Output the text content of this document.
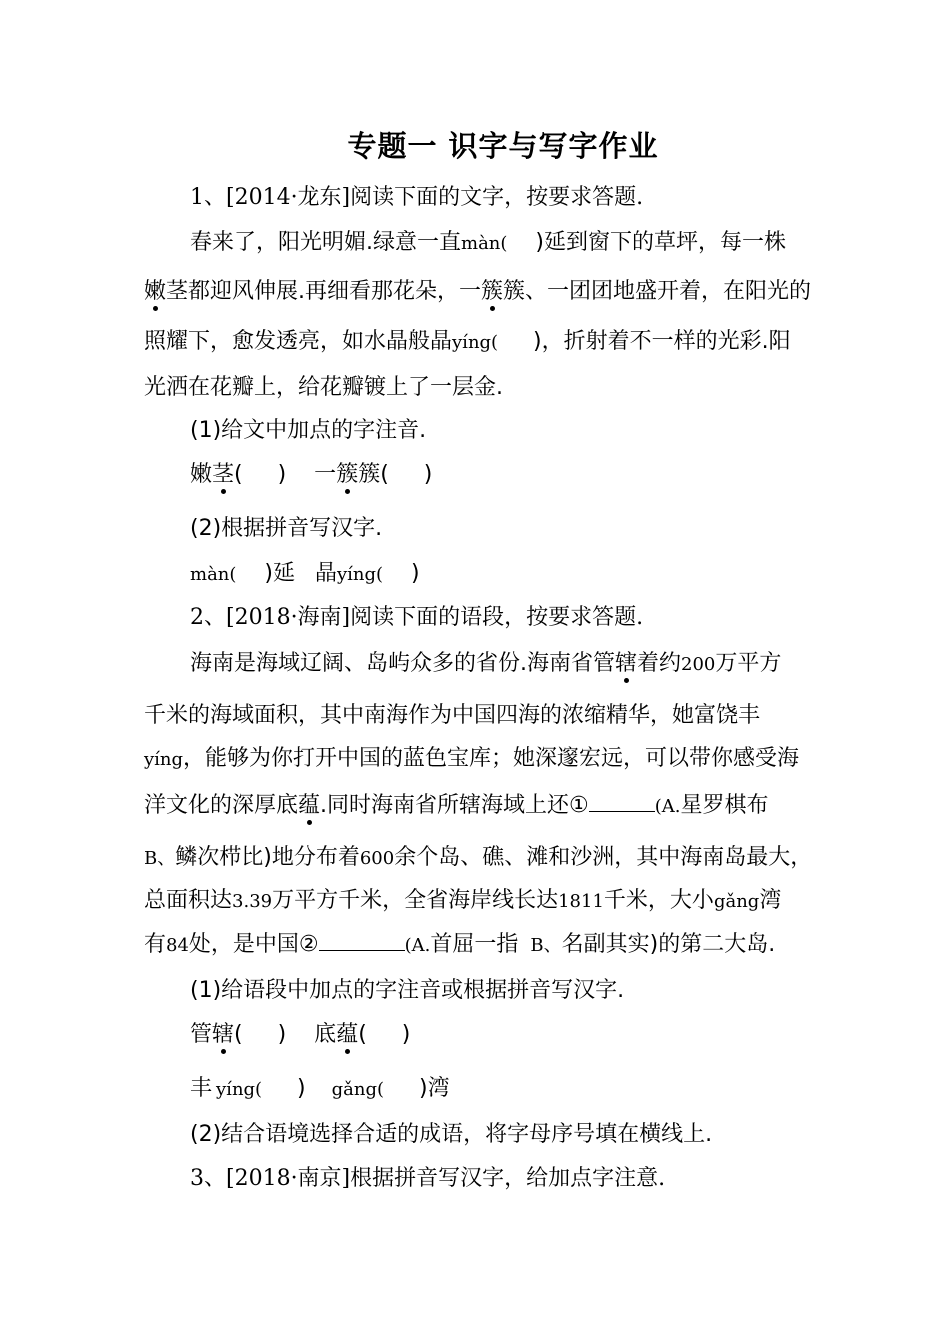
专题一 识字与写字作业

1、[2014·龙东]阅读下面的文字，按要求答题.

春来了，阳光明媚.绿意一直màn(    )延到窗下的草坪，每一株

嫩茎都迎风伸展.再细看那花朵，一簇簇、一团团地盛开着，在阳光的

照耀下，愈发透亮，如水晶般晶yíng(     )，折射着不一样的光彩.阳

光洒在花瓣上，给花瓣镀上了一层金.

(1)给文中加点的字注音.

嫩茎(     ) 一簇簇(     )

(2)根据拼音写汉字.

màn(    )延 晶yíng(    )

2、[2018·海南]阅读下面的语段，按要求答题.

海南是海域辽阔、岛屿众多的省份.海南省管辖着约200万平方

千米的海域面积，其中南海作为中国四海的浓缩精华，她富饶丰

yíng，能够为你打开中国的蓝色宝库；她深邃宏远，可以带你感受海

洋文化的深厚底蕴.同时海南省所辖海域上还①	(A.星罗棋布

B、鳞次栉比)地分布着600余个岛、礁、滩和沙洲，其中海南岛最大，

总面积达3.39万平方千米，全省海岸线长达1811千米，大小gǎng湾

有84处，是中国②	(A.首屈一指 B、名副其实)的第二大岛.

(1)给语段中加点的字注音或根据拼音写汉字.

管辖(     ) 底蕴(     )

丰 yíng(     ) gǎng(     )湾

(2)结合语境选择合适的成语，将字母序号填在横线上.

3、[2018·南京]根据拼音写汉字，给加点字注意.
